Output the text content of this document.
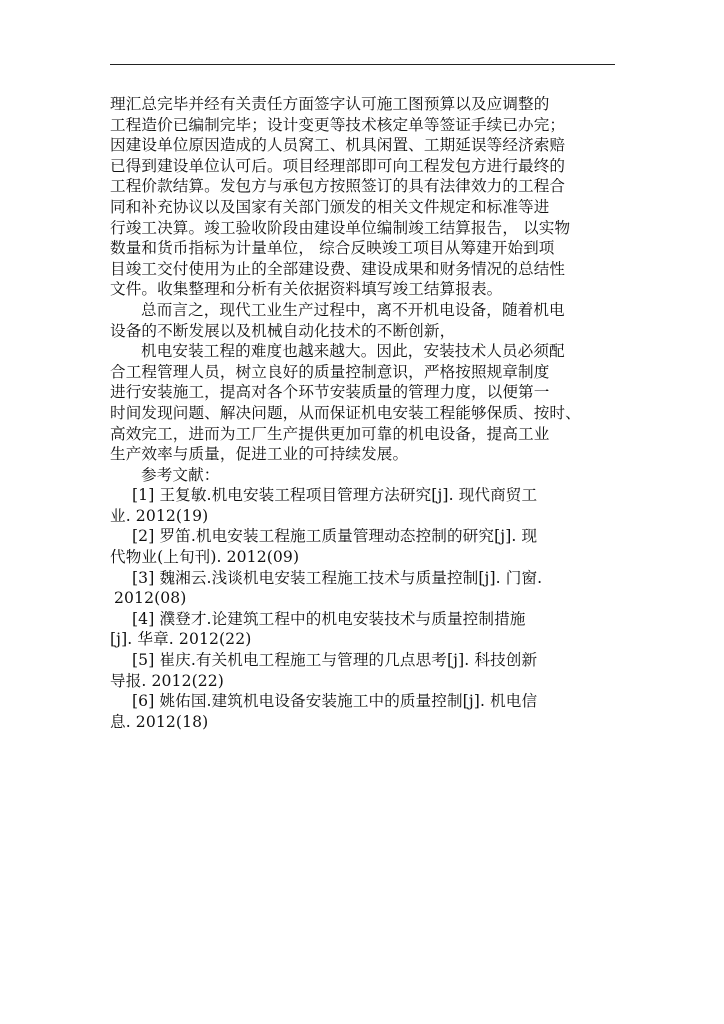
理汇总完毕并经有关责任方面签字认可施工图预算以及应调整的
工程造价已编制完毕；设计变更等技术核定单等签证手续已办完；
因建设单位原因造成的人员窝工、机具闲置、工期延误等经济索赔
已得到建设单位认可后。项目经理部即可向工程发包方进行最终的
工程价款结算。发包方与承包方按照签订的具有法律效力的工程合
同和补充协议以及国家有关部门颁发的相关文件规定和标准等进
行竣工决算。竣工验收阶段由建设单位编制竣工结算报告， 以实物
数量和货币指标为计量单位， 综合反映竣工项目从筹建开始到项
目竣工交付使用为止的全部建设费、建设成果和财务情况的总结性
文件。收集整理和分析有关依据资料填写竣工结算报表。
总而言之，现代工业生产过程中，离不开机电设备，随着机电
设备的不断发展以及机械自动化技术的不断创新，
机电安装工程的难度也越来越大。因此，安装技术人员必须配
合工程管理人员，树立良好的质量控制意识，严格按照规章制度
进行安装施工，提高对各个环节安装质量的管理力度，以便第一
时间发现问题、解决问题，从而保证机电安装工程能够保质、按时、
高效完工，进而为工厂生产提供更加可靠的机电设备，提高工业
生产效率与质量，促进工业的可持续发展。
参考文献：
[1] 王复敏.机电安装工程项目管理方法研究[j]. 现代商贸工
业. 2012(19)
[2] 罗笛.机电安装工程施工质量管理动态控制的研究[j]. 现
代物业(上旬刊). 2012(09)
[3] 魏湘云.浅谈机电安装工程施工技术与质量控制[j]. 门窗.
2012(08)
[4] 濮登才.论建筑工程中的机电安装技术与质量控制措施
[j]. 华章. 2012(22)
[5] 崔庆.有关机电工程施工与管理的几点思考[j]. 科技创新
导报. 2012(22)
[6] 姚佑国.建筑机电设备安装施工中的质量控制[j]. 机电信
息. 2012(18)
